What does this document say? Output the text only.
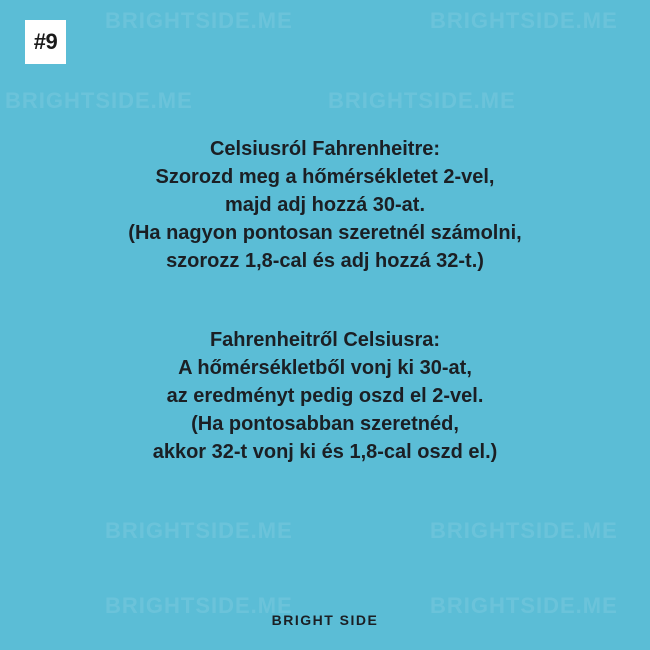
BRIGHTSIDE.ME	BRIGHTSIDE.ME
BRIGHTSIDE.ME	BRIGHTSIDE.ME
BRIGHTSIDE.ME	BRIGHTSIDE.ME
BRIGHTSIDE.ME	BRIGHTSIDE.ME
#9
Celsiusról Fahrenheitre:
Szorozd meg a hőmérsékletet 2-vel,
majd adj hozzá 30-at.
(Ha nagyon pontosan szeretnél számolni,
szorozz 1,8-cal és adj hozzá 32-t.)
Fahrenheitről Celsiusra:
A hőmérsékletből vonj ki 30-at,
az eredményt pedig oszd el 2-vel.
(Ha pontosabban szeretnéd,
akkor 32-t vonj ki és 1,8-cal oszd el.)
BRIGHT SIDE
